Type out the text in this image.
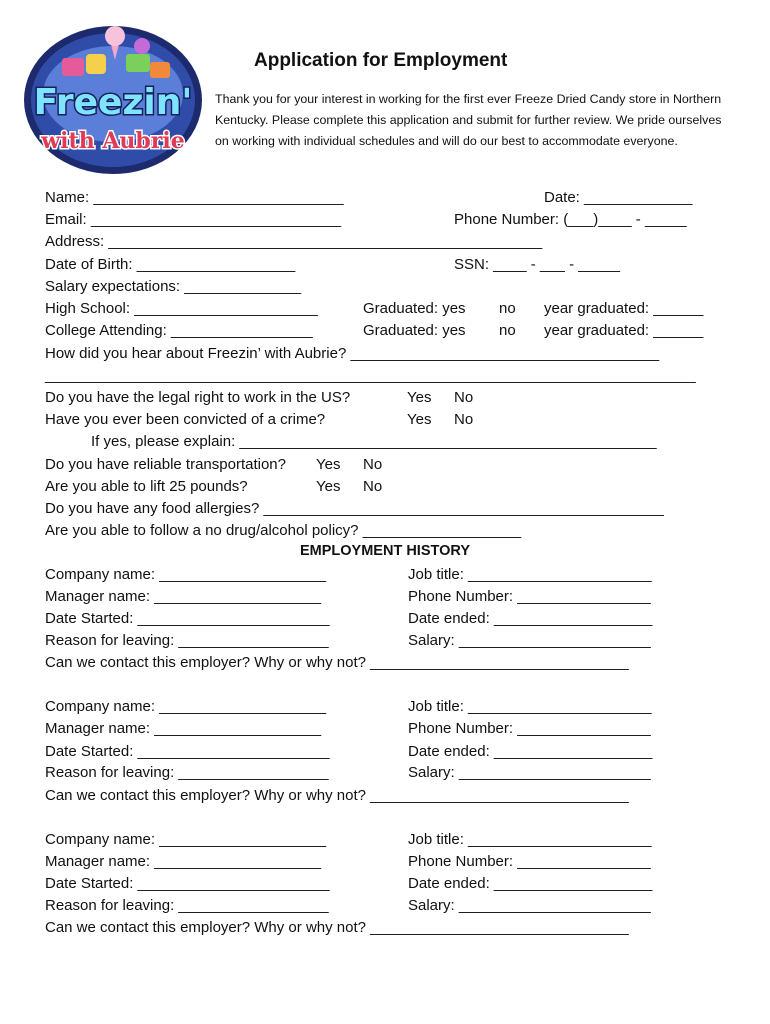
Freezin'
with Aubrie
Application for Employment
Thank you for your interest in working for the first ever Freeze Dried Candy store in Northern Kentucky. Please complete this application and submit for further review. We pride ourselves on working with individual schedules and will do our best to accommodate everyone.
Name: ______________________________	Date: _____________
Email: ______________________________	Phone Number: (___)____ - _____
Address: ____________________________________________________
Date of Birth: ___________________	SSN: ____ - ___ - _____
Salary expectations: ______________
High School: ______________________	Graduated: yes no year graduated: ______
College Attending: _________________	Graduated: yes no year graduated: ______
How did you hear about Freezin’ with Aubrie? _____________________________________
______________________________________________________________________________
Do you have the legal right to work in the US?	Yes No
Have you ever been convicted of a crime?	Yes No
If yes, please explain: __________________________________________________
Do you have reliable transportation? Yes No
Are you able to lift 25 pounds?	Yes No
Do you have any food allergies? ________________________________________________
Are you able to follow a no drug/alcohol policy? ___________________
EMPLOYMENT HISTORY
Company name: ____________________	Job title: ______________________
Manager name: ____________________	Phone Number: ________________
Date Started: _______________________	Date ended: ___________________
Reason for leaving: __________________	Salary: _______________________
Can we contact this employer? Why or why not? _______________________________
Company name: ____________________	Job title: ______________________
Manager name: ____________________	Phone Number: ________________
Date Started: _______________________	Date ended: ___________________
Reason for leaving: __________________	Salary: _______________________
Can we contact this employer? Why or why not? _______________________________
Company name: ____________________	Job title: ______________________
Manager name: ____________________	Phone Number: ________________
Date Started: _______________________	Date ended: ___________________
Reason for leaving: __________________	Salary: _______________________
Can we contact this employer? Why or why not? _______________________________
